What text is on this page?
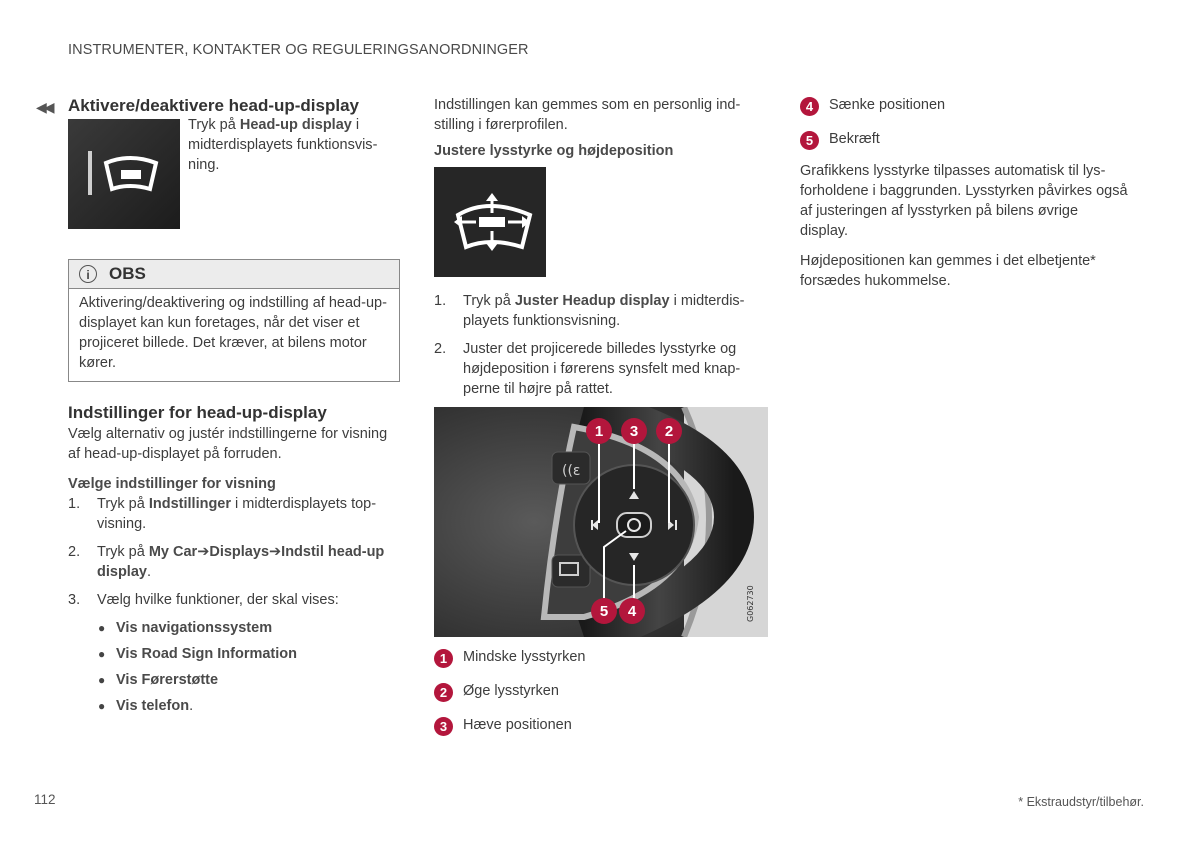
INSTRUMENTER, KONTAKTER OG REGULERINGSANORDNINGER
◀◀ Aktivere/deaktivere head-up-display
Tryk på Head-up display i midterdisplayets funktionsvisning.
i	OBS
Aktivering/deaktivering og indstilling af head-up-displayet kan kun foretages, når det viser et projiceret billede. Det kræver, at bilens motor kører.
Indstillinger for head-up-display

Vælg alternativ og justér indstillingerne for visning af head-up-displayet på forruden.

Vælge indstillinger for visning
1.	Tryk på Indstillinger i midterdisplayets topvisning.
2.	Tryk på My Car➔Displays➔Indstil head-up display.
3.	Vælg hvilke funktioner, der skal vises:
● Vis navigationssystem
● Vis Road Sign Information
● Vis Førerstøtte
● Vis telefon .

Indstillingen kan gemmes som en personlig indstilling i førerprofilen.

Justere lysstyrke og højdeposition
1.	Tryk på Juster Headup display i midterdisplayets funktionsvisning.
2.	Juster det projicerede billedes lysstyrke og højdeposition i førerens synsfelt med knapperne til højre på rattet.
((ε
1 3 2
5 4	G062730
1	Mindske lysstyrken
2	Øge lysstyrken
3	Hæve positionen
4	Sænke positionen
5	Bekræft

Grafikkens lysstyrke tilpasses automatisk til lysforholdene i baggrunden. Lysstyrken påvirkes også af justeringen af lysstyrken på bilens øvrige display.

Højdepositionen kan gemmes i det elbetjente* forsædes hukommelse.

112	* Ekstraudstyr/tilbehør.
